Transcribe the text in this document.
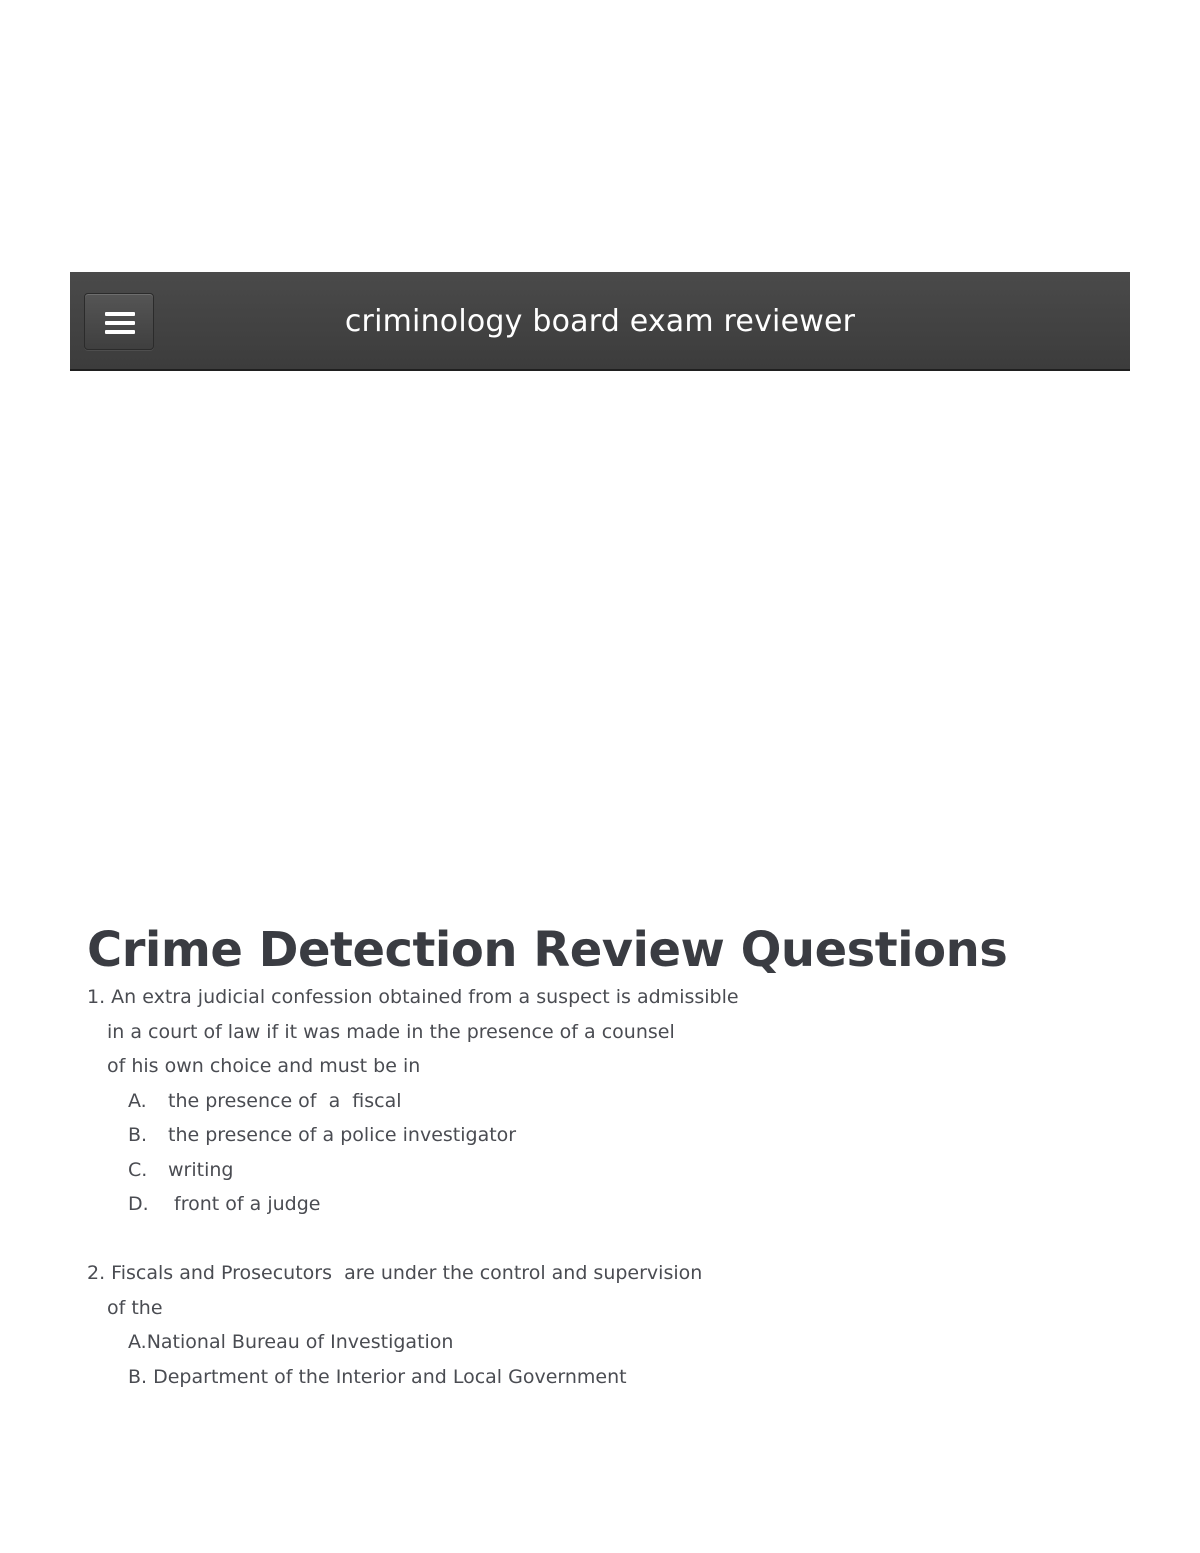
criminology board exam reviewer
Crime Detection Review Questions
1. An extra judicial confession obtained from a suspect is admissible
in a court of law if it was made in the presence of a counsel
of his own choice and must be in
A. the presence of  a  fiscal
B. the presence of a police investigator
C. writing
D. front of a judge
2. Fiscals and Prosecutors  are under the control and supervision
of the
A.National Bureau of Investigation
B. Department of the Interior and Local Government
